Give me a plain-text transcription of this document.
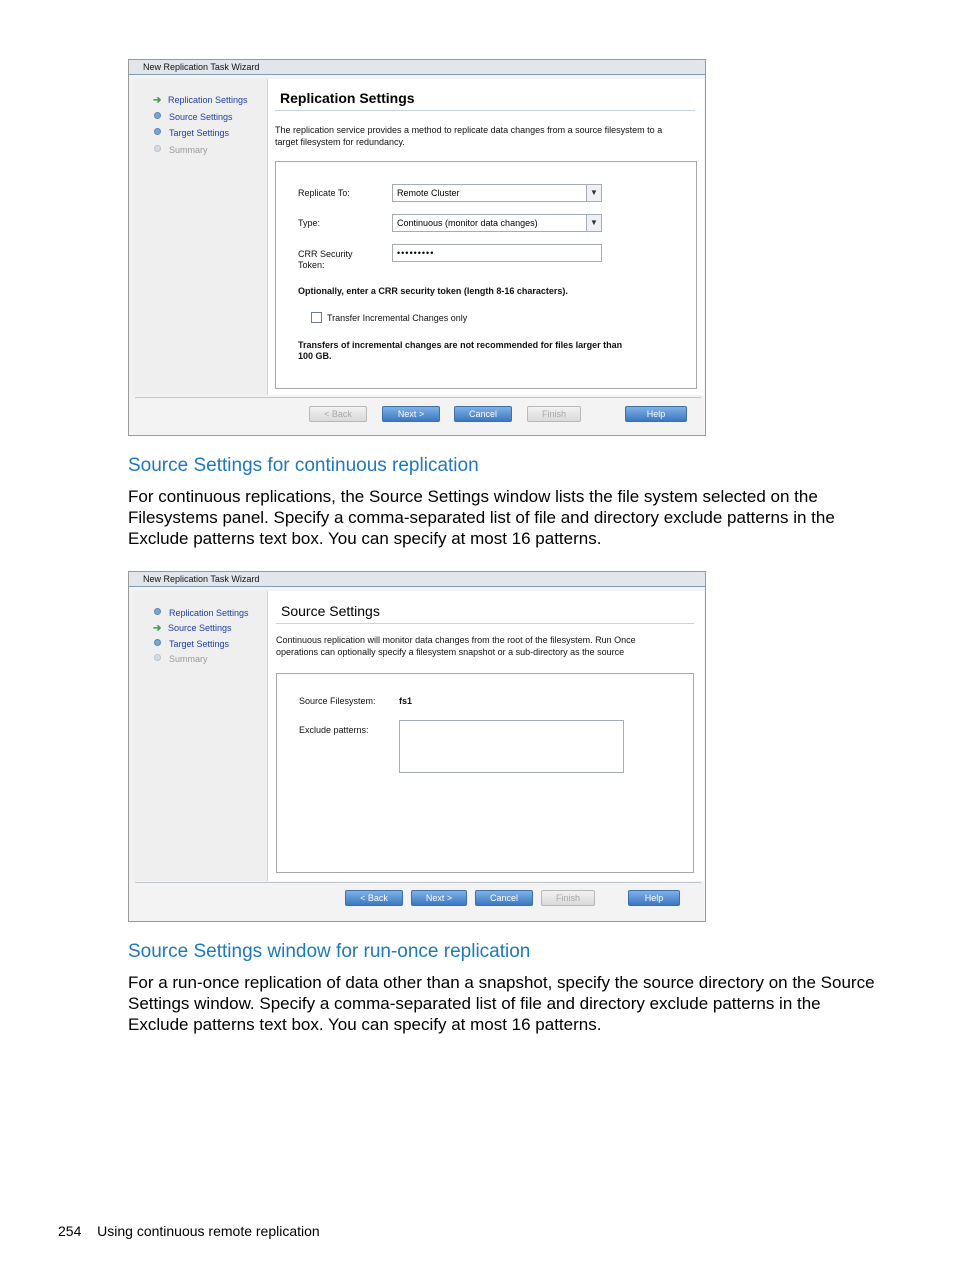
New Replication Task Wizard
➔ Replication Settings
Source Settings
Target Settings
Summary
Replication Settings
The replication service provides a method to replicate data changes from a source filesystem to a
target filesystem for redundancy.
Replicate To:	Remote Cluster	▼
Type:	Continuous (monitor data changes)	▼
CRR Security
Token:
•••••••••
Optionally, enter a CRR security token (length 8-16 characters).
Transfer Incremental Changes only
Transfers of incremental changes are not recommended for files larger than
100 GB.
< Back	Next >	Cancel	Finish	Help
Source Settings for continuous replication
For continuous replications, the Source Settings window lists the file system selected on the
Filesystems panel. Specify a comma-separated list of file and directory exclude patterns in the
Exclude patterns text box. You can specify at most 16 patterns.
New Replication Task Wizard
Replication Settings
➔ Source Settings
Target Settings
Summary
Source Settings
Continuous replication will monitor data changes from the root of the filesystem. Run Once
operations can optionally specify a filesystem snapshot or a sub-directory as the source
Source Filesystem:	fs1
Exclude patterns:
< Back	Next >	Cancel	Finish	Help
Source Settings window for run-once replication
For a run-once replication of data other than a snapshot, specify the source directory on the Source
Settings window. Specify a comma-separated list of file and directory exclude patterns in the
Exclude patterns text box. You can specify at most 16 patterns.
254 Using continuous remote replication
